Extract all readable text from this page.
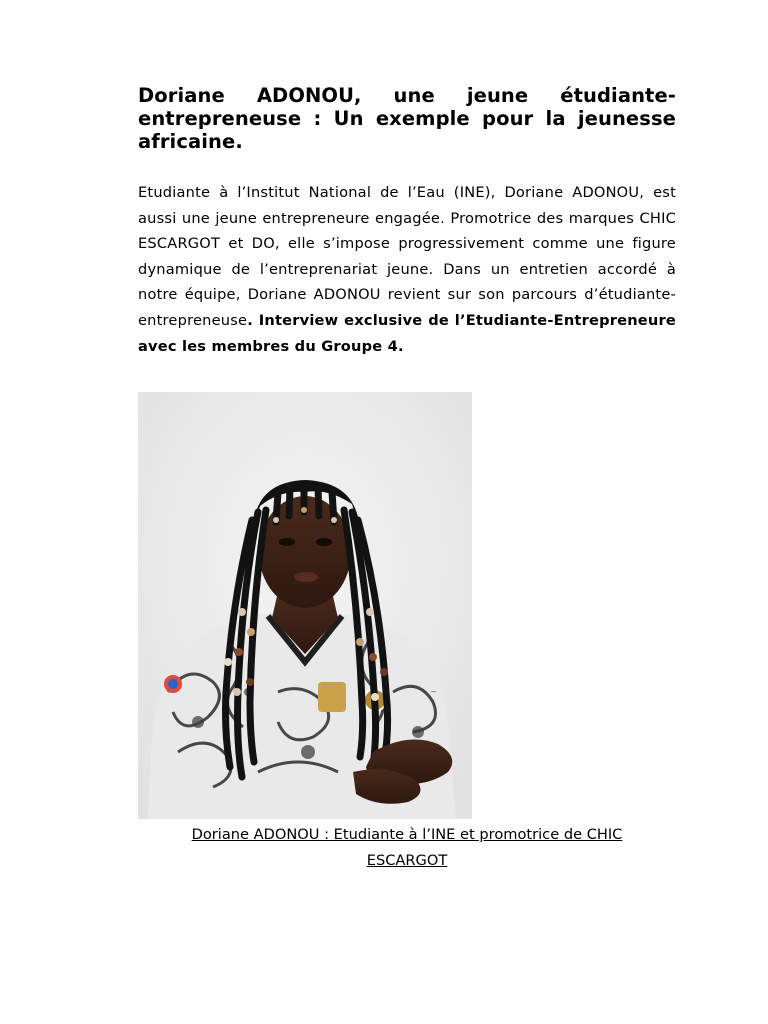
Doriane ADONOU, une jeune étudiante-entrepreneuse : Un exemple pour la jeunesse africaine.

Etudiante à l’Institut National de l’Eau (INE), Doriane ADONOU, est aussi une jeune entrepreneure engagée. Promotrice des marques CHIC ESCARGOT et DO, elle s’impose progressivement comme une figure dynamique de l’entreprenariat jeune. Dans un entretien accordé à notre équipe, Doriane ADONOU revient sur son parcours d’étudiante-entrepreneuse. Interview exclusive de l’Etudiante-Entrepreneure avec les membres du Groupe 4.

~
Doriane ADONOU : Etudiante à l’INE et promotrice de CHIC
ESCARGOT
